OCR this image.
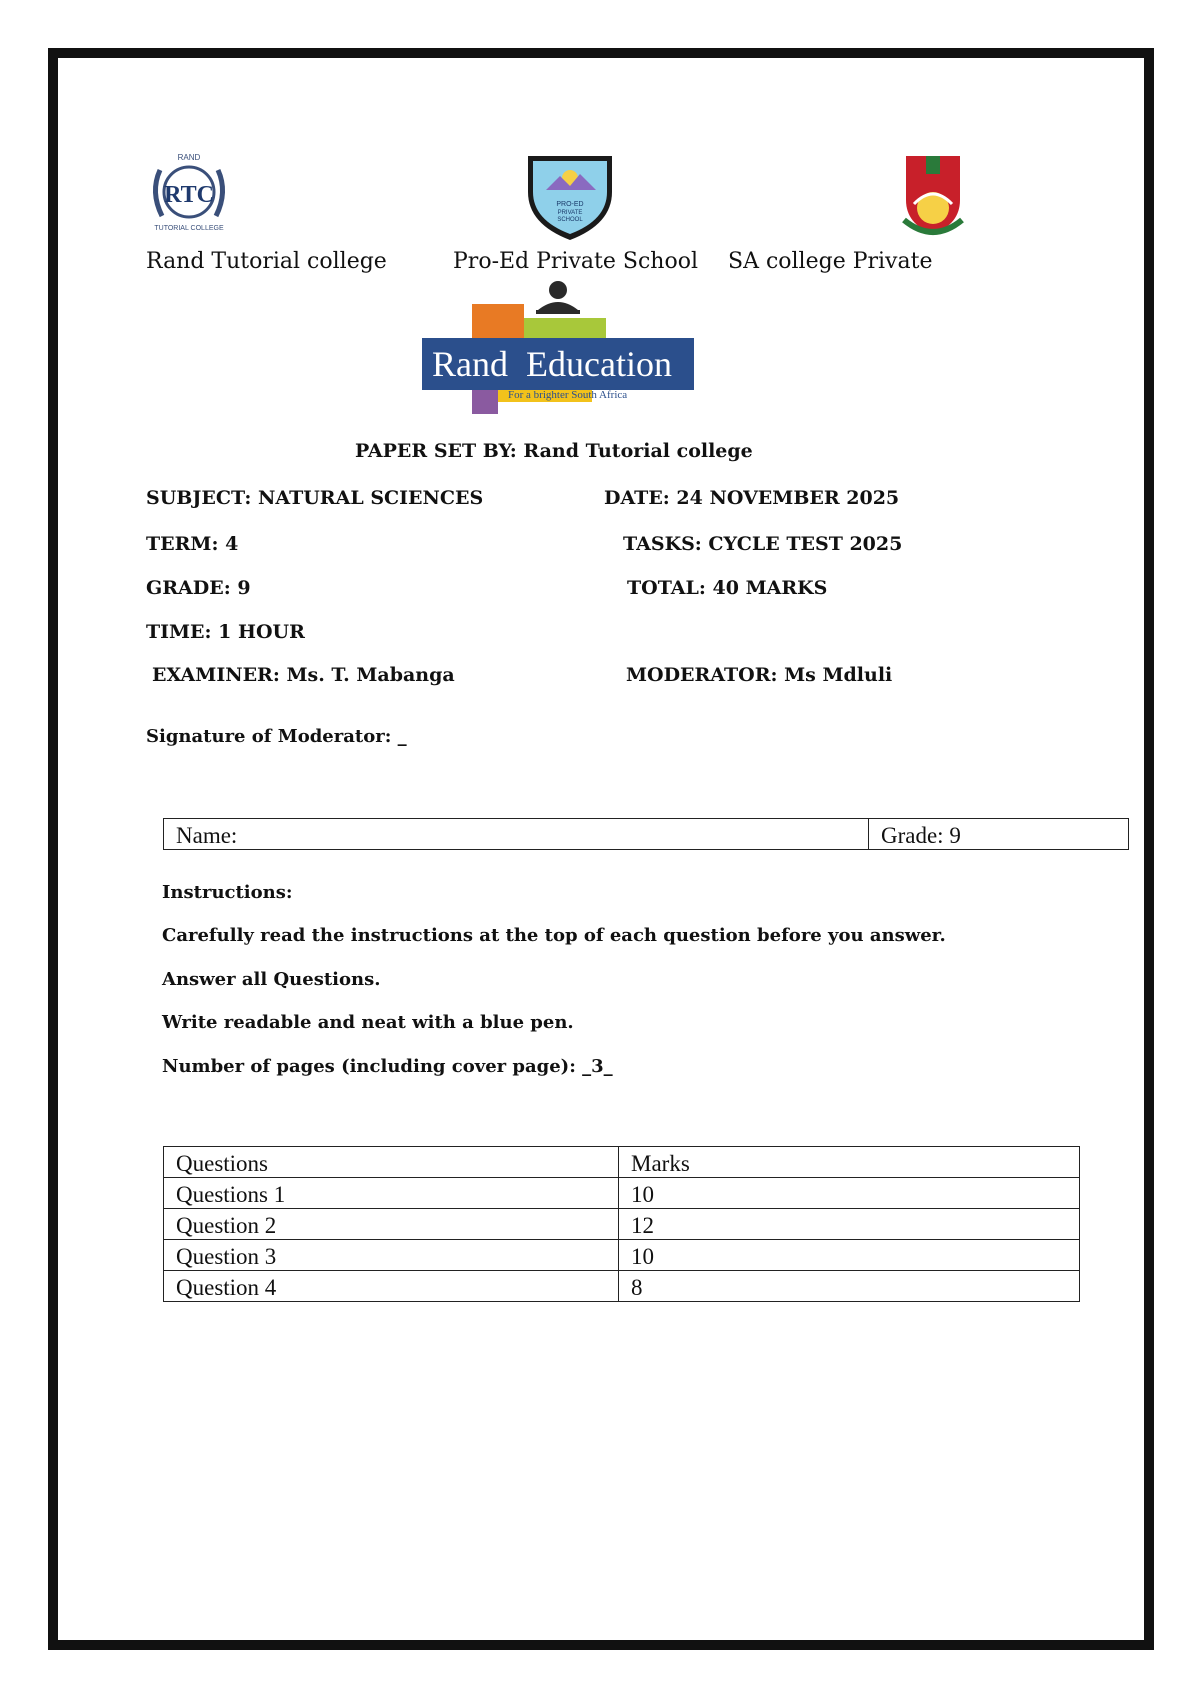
RTC
RAND
TUTORIAL COLLEGE
PRO-ED
PRIVATE
SCHOOL
Rand Tutorial college	Pro-Ed Private School SA college Private
Rand Education
For a brighter South Africa
PAPER SET BY: Rand Tutorial college
SUBJECT: NATURAL SCIENCES	DATE: 24 NOVEMBER 2025
TERM: 4	TASKS: CYCLE TEST 2025
GRADE: 9	TOTAL: 40 MARKS
TIME: 1 HOUR
EXAMINER: Ms. T. Mabanga	MODERATOR: Ms Mdluli
Signature of Moderator: _
Name:	Grade: 9
Instructions:
Carefully read the instructions at the top of each question before you answer.
Answer all Questions.
Write readable and neat with a blue pen.
Number of pages (including cover page): _3_
Questions	Marks
Questions 1	10
Question 2	12
Question 3	10
Question 4	8
